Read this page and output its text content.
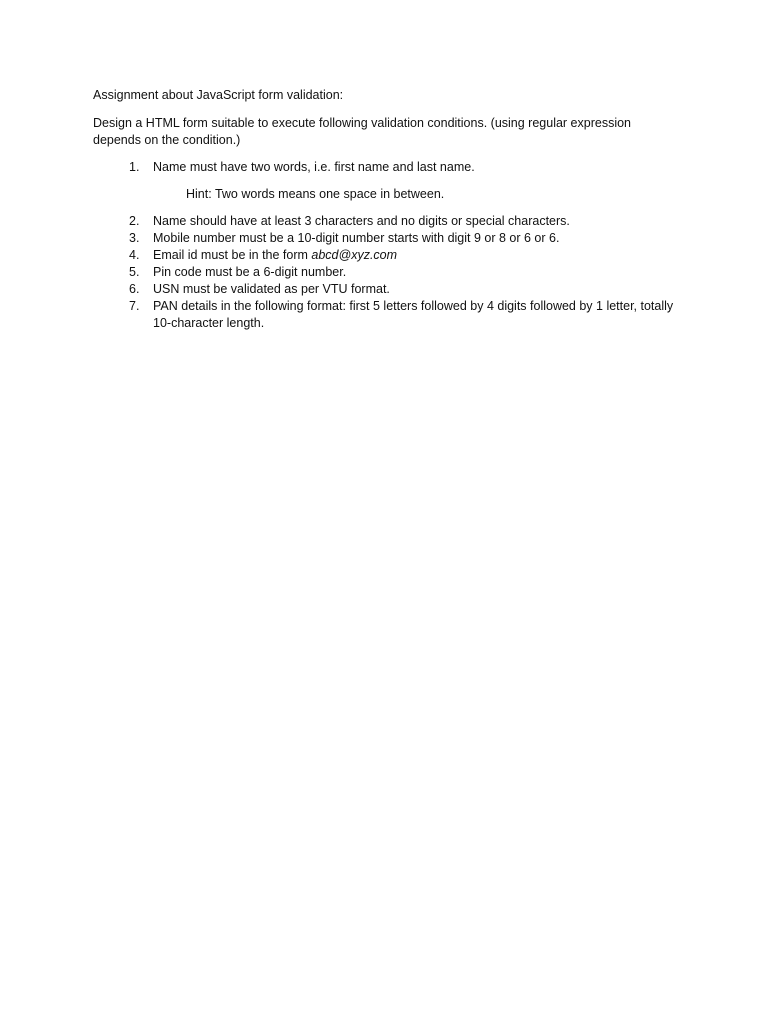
Assignment about JavaScript form validation:
Design a HTML form suitable to execute following validation conditions. (using regular expression depends on the condition.)
1. Name must have two words, i.e. first name and last name.
Hint: Two words means one space in between.
2. Name should have at least 3 characters and no digits or special characters.
3. Mobile number must be a 10-digit number starts with digit 9 or 8 or 6 or 6.
4. Email id must be in the form abcd@xyz.com
5. Pin code must be a 6-digit number.
6. USN must be validated as per VTU format.
7. PAN details in the following format: first 5 letters followed by 4 digits followed by 1 letter, totally 10-character length.
